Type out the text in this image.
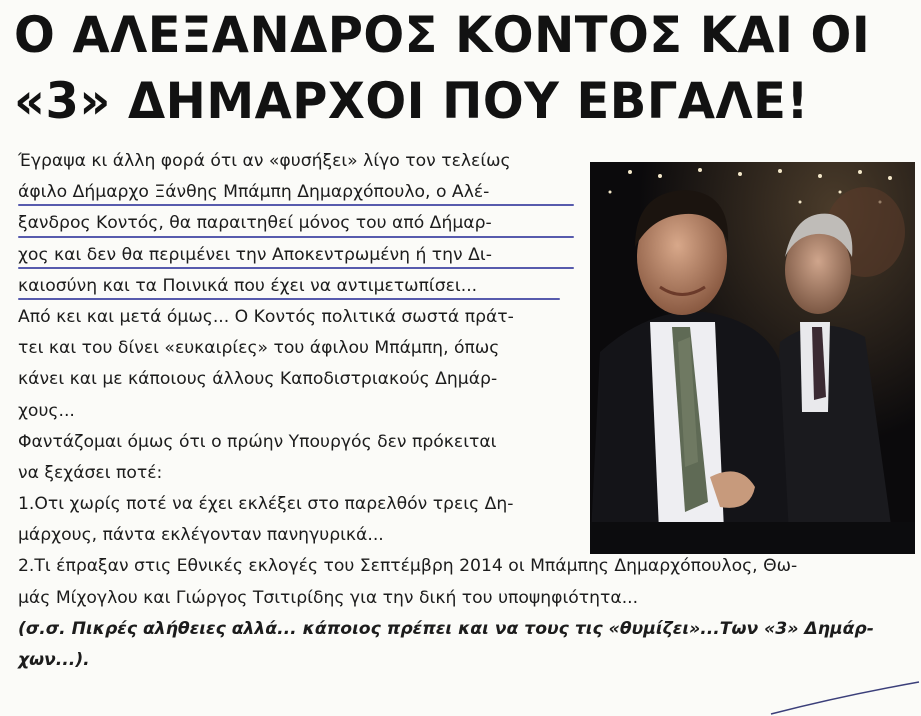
Ο ΑΛΕΞΑΝΔΡΟΣ ΚΟΝΤΟΣ ΚΑΙ ΟΙ
«3» ΔΗΜΑΡΧΟΙ ΠΟΥ ΕΒΓΑΛΕ!
Έγραψα κι άλλη φορά ότι αν «φυσήξει» λίγο τον τελείως
άφιλο Δήμαρχο Ξάνθης Μπάμπη Δημαρχόπουλο, ο Αλέ-
ξανδρος Κοντός, θα παραιτηθεί μόνος του από Δήμαρ-
χος και δεν θα περιμένει την Αποκεντρωμένη ή την Δι-
καιοσύνη και τα Ποινικά που έχει να αντιμετωπίσει...
Από κει και μετά όμως... Ο Κοντός πολιτικά σωστά πράτ-
τει και του δίνει «ευκαιρίες» του άφιλου Μπάμπη, όπως
κάνει και με κάποιους άλλους Καποδιστριακούς Δημάρ-
χους...
Φαντάζομαι όμως ότι ο πρώην Υπουργός δεν πρόκειται
να ξεχάσει ποτέ:
1.Οτι χωρίς ποτέ να έχει εκλέξει στο παρελθόν τρεις Δη-
μάρχους, πάντα εκλέγονταν πανηγυρικά...
2.Τι έπραξαν στις Εθνικές εκλογές του Σεπτέμβρη 2014 οι Μπάμπης Δημαρχόπουλος, Θω-
μάς Μίχογλου και Γιώργος Τσιτιρίδης για την δική του υποψηφιότητα...
(σ.σ. Πικρές αλήθειες αλλά... κάποιος πρέπει και να τους τις «θυμίζει»...Των «3» Δημάρ-
χων...).
